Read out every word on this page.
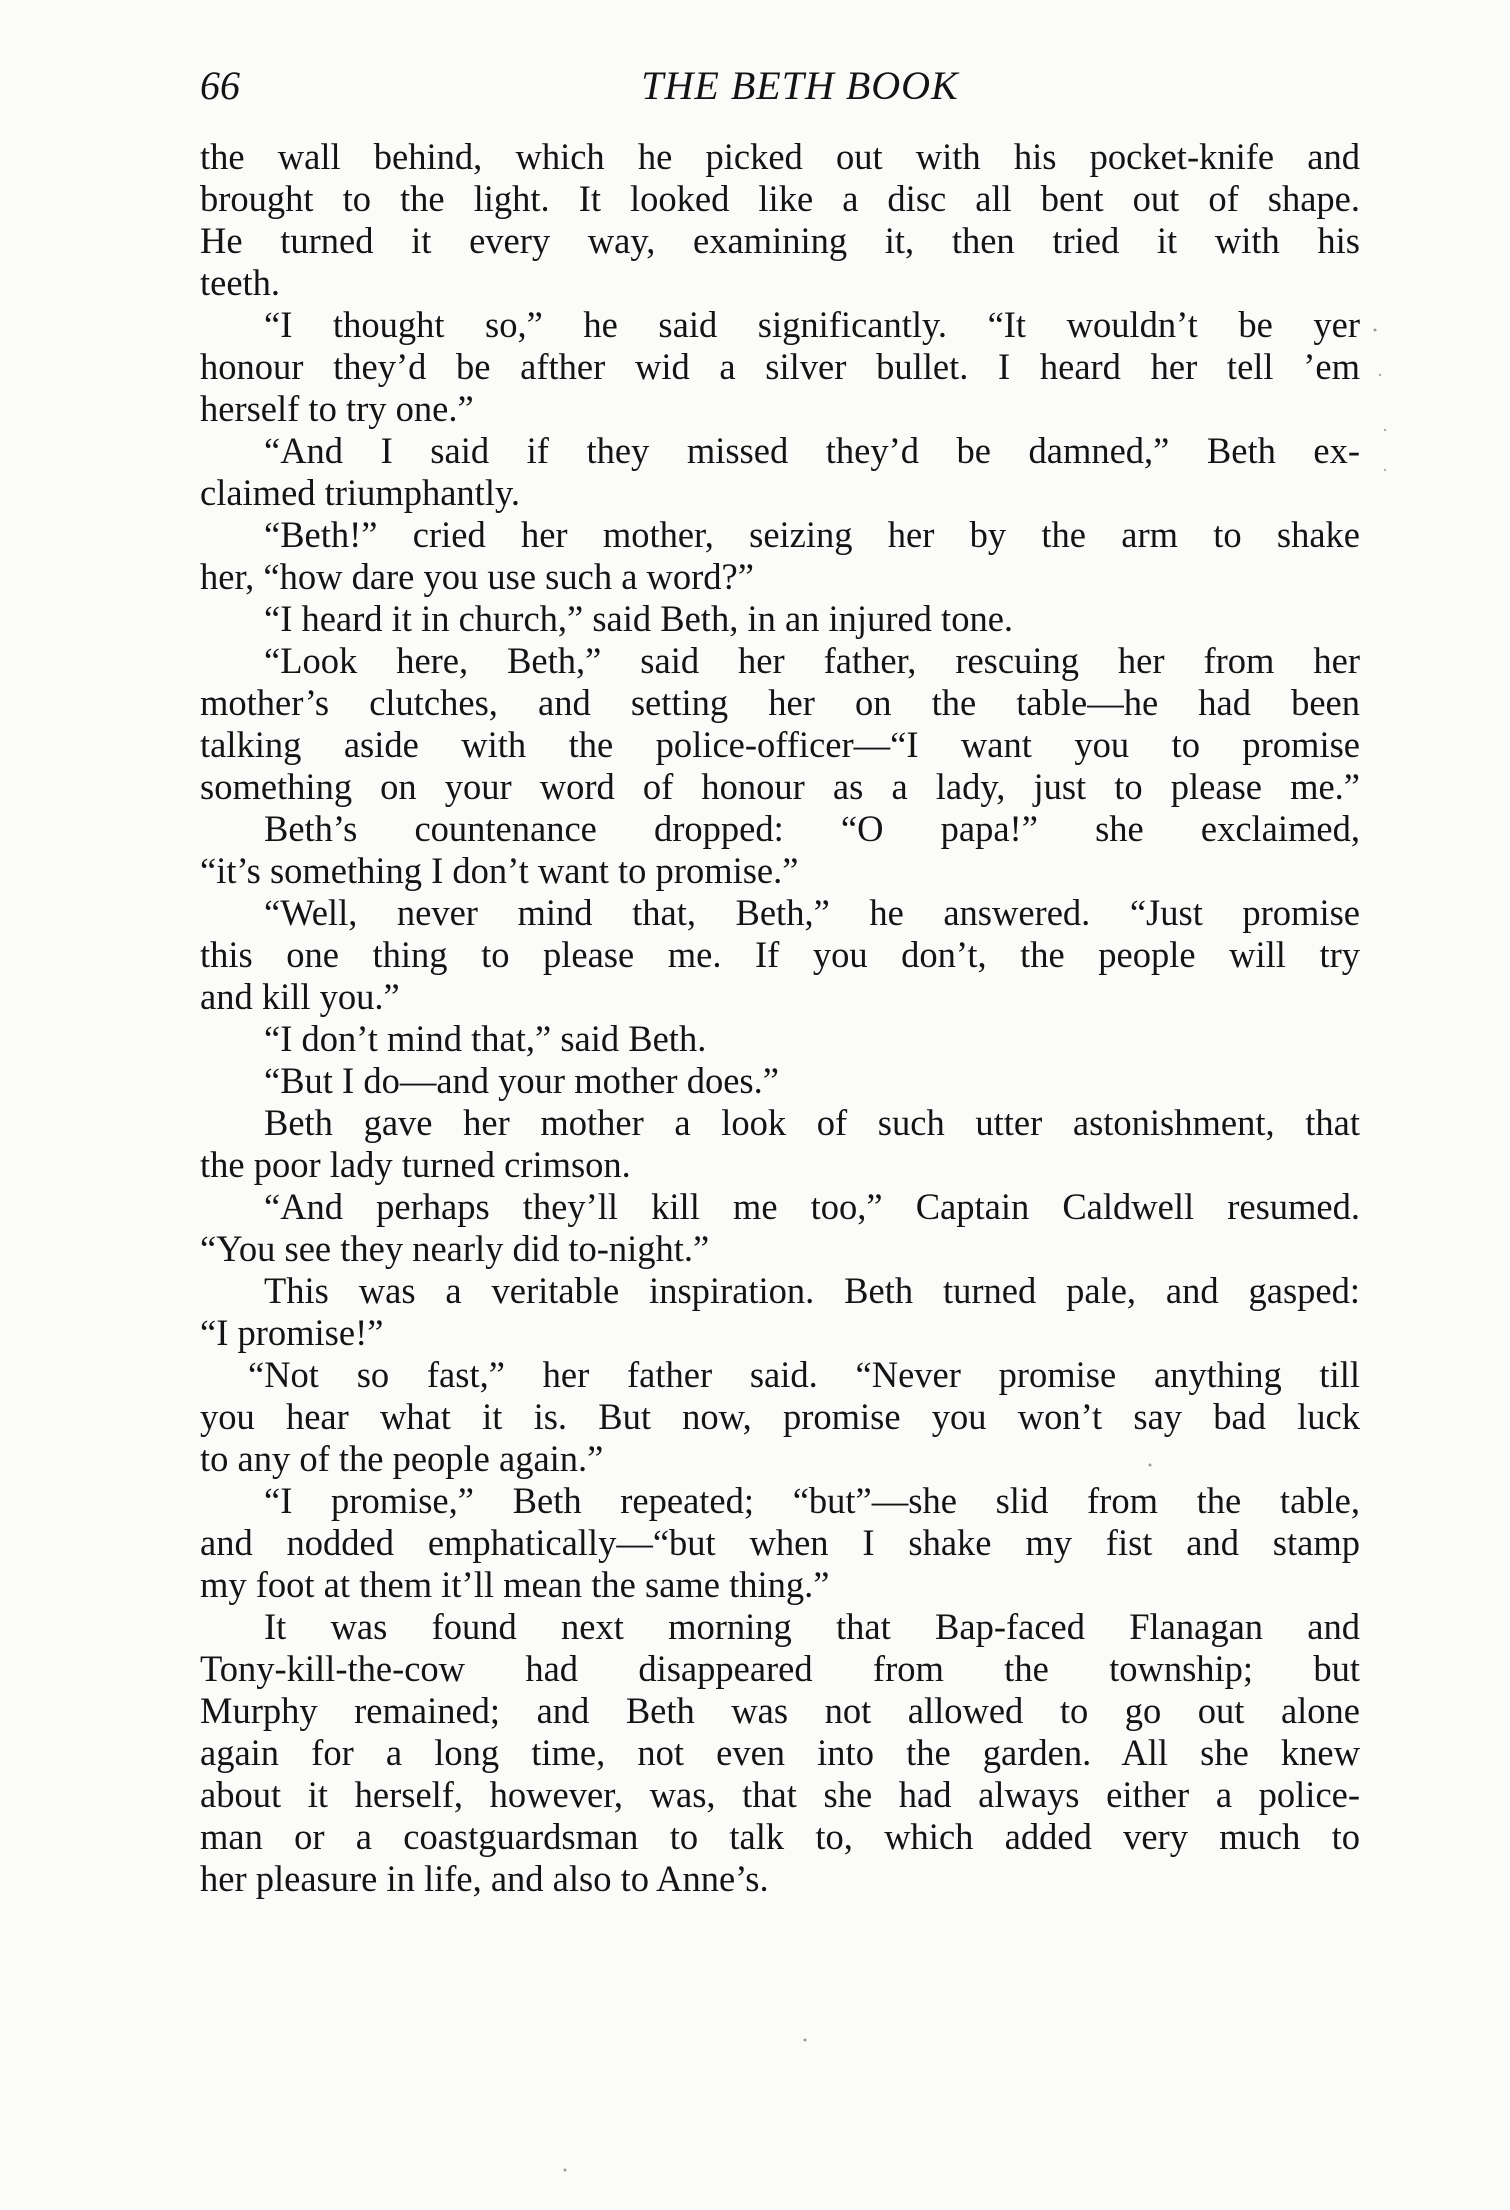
66	THE BETH BOOK
the wall behind, which he picked out with his pocket-knife and
brought to the light. It looked like a disc all bent out of shape.
He turned it every way, examining it, then tried it with his
teeth.
“I thought so,” he said significantly. “It wouldn’t be yer
honour they’d be afther wid a silver bullet. I heard her tell ’em
herself to try one.”
“And I said if they missed they’d be damned,” Beth ex-
claimed triumphantly.
“Beth!” cried her mother, seizing her by the arm to shake
her, “how dare you use such a word?”
“I heard it in church,” said Beth, in an injured tone.
“Look here, Beth,” said her father, rescuing her from her
mother’s clutches, and setting her on the table—he had been
talking aside with the police-officer—“I want you to promise
something on your word of honour as a lady, just to please me.”
Beth’s countenance dropped: “O papa!” she exclaimed,
“it’s something I don’t want to promise.”
“Well, never mind that, Beth,” he answered. “Just promise
this one thing to please me. If you don’t, the people will try
and kill you.”
“I don’t mind that,” said Beth.
“But I do—and your mother does.”
Beth gave her mother a look of such utter astonishment, that
the poor lady turned crimson.
“And perhaps they’ll kill me too,” Captain Caldwell resumed.
“You see they nearly did to-night.”
This was a veritable inspiration. Beth turned pale, and gasped:
“I promise!”
“Not so fast,” her father said. “Never promise anything till
you hear what it is. But now, promise you won’t say bad luck
to any of the people again.”
“I promise,” Beth repeated; “but”—she slid from the table,
and nodded emphatically—“but when I shake my fist and stamp
my foot at them it’ll mean the same thing.”
It was found next morning that Bap-faced Flanagan and
Tony-kill-the-cow had disappeared from the township; but
Murphy remained; and Beth was not allowed to go out alone
again for a long time, not even into the garden. All she knew
about it herself, however, was, that she had always either a police-
man or a coastguardsman to talk to, which added very much to
her pleasure in life, and also to Anne’s.
